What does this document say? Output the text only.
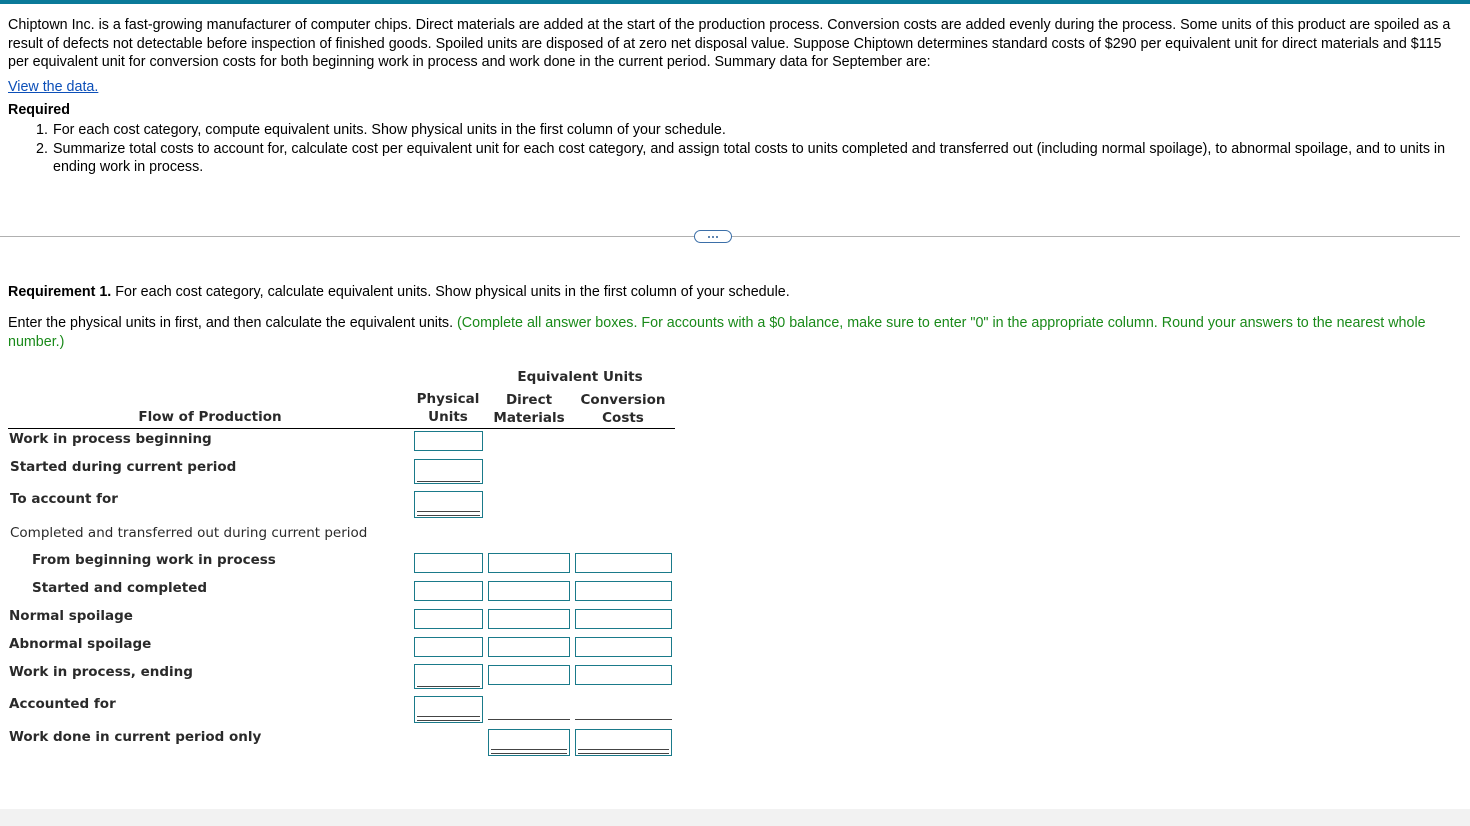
Chiptown Inc. is a fast-growing manufacturer of computer chips. Direct materials are added at the start of the production process. Conversion costs are added evenly during the process. Some units of this product are spoiled as a result of defects not detectable before inspection of finished goods. Spoiled units are disposed of at zero net disposal value. Suppose Chiptown determines standard costs of $290 per equivalent unit for direct materials and $115 per equivalent unit for conversion costs for both beginning work in process and work done in the current period. Summary data for September are:
View the data.
Required
1. For each cost category, compute equivalent units. Show physical units in the first column of your schedule.
2. Summarize total costs to account for, calculate cost per equivalent unit for each cost category, and assign total costs to units completed and transferred out (including normal spoilage), to abnormal spoilage, and to units in ending work in process.
Requirement 1. For each cost category, calculate equivalent units. Show physical units in the first column of your schedule.
Enter the physical units in first, and then calculate the equivalent units. (Complete all answer boxes. For accounts with a $0 balance, make sure to enter "0" in the appropriate column. Round your answers to the nearest whole number.)
Equivalent Units
Flow of Production
Physical
Units
Direct
Materials
Conversion
Costs
Work in process beginning
Started during current period
To account for
Completed and transferred out during current period
From beginning work in process
Started and completed
Normal spoilage
Abnormal spoilage
Work in process, ending
Accounted for
Work done in current period only
